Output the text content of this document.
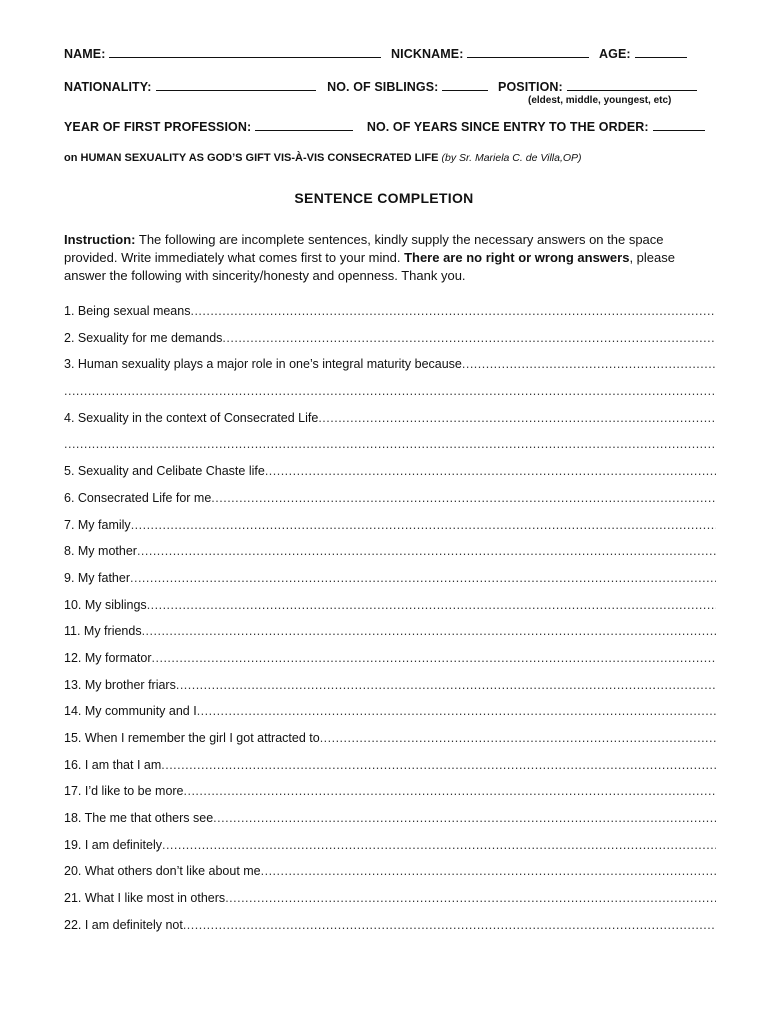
NAME:	NICKNAME:	AGE:
NATIONALITY:	NO. OF SIBLINGS:	POSITION:
(eldest, middle, youngest, etc)
YEAR OF FIRST PROFESSION:	NO. OF YEARS SINCE ENTRY TO THE ORDER:
on HUMAN SEXUALITY AS GOD’S GIFT VIS-À-VIS CONSECRATED LIFE (by Sr. Mariela C. de Villa,OP)
SENTENCE COMPLETION
Instruction: The following are incomplete sentences, kindly supply the necessary answers on the space provided. Write immediately what comes first to your mind. There are no right or wrong answers, please answer the following with sincerity/honesty and openness. Thank you.
1. Being sexual means
.....
2. Sexuality for me demands
.....
3. Human sexuality plays a major role in one’s integral maturity because
.....
.....
4. Sexuality in the context of Consecrated Life
.....
.....
5. Sexuality and Celibate Chaste life
.....
6. Consecrated Life for me
.....
7. My family
.....
8. My mother
.....
9. My father
.....
10. My siblings
.....
11. My friends
.....
12. My formator
.....
13. My brother friars
.....
14. My community and I
.....
15. When I remember the girl I got attracted to
.....
16. I am that I am
.....
17. I’d like to be more
.....
18. The me that others see
.....
19. I am definitely
.....
20. What others don’t like about me
.....
21. What I like most in others
.....
22. I am definitely not
.....
